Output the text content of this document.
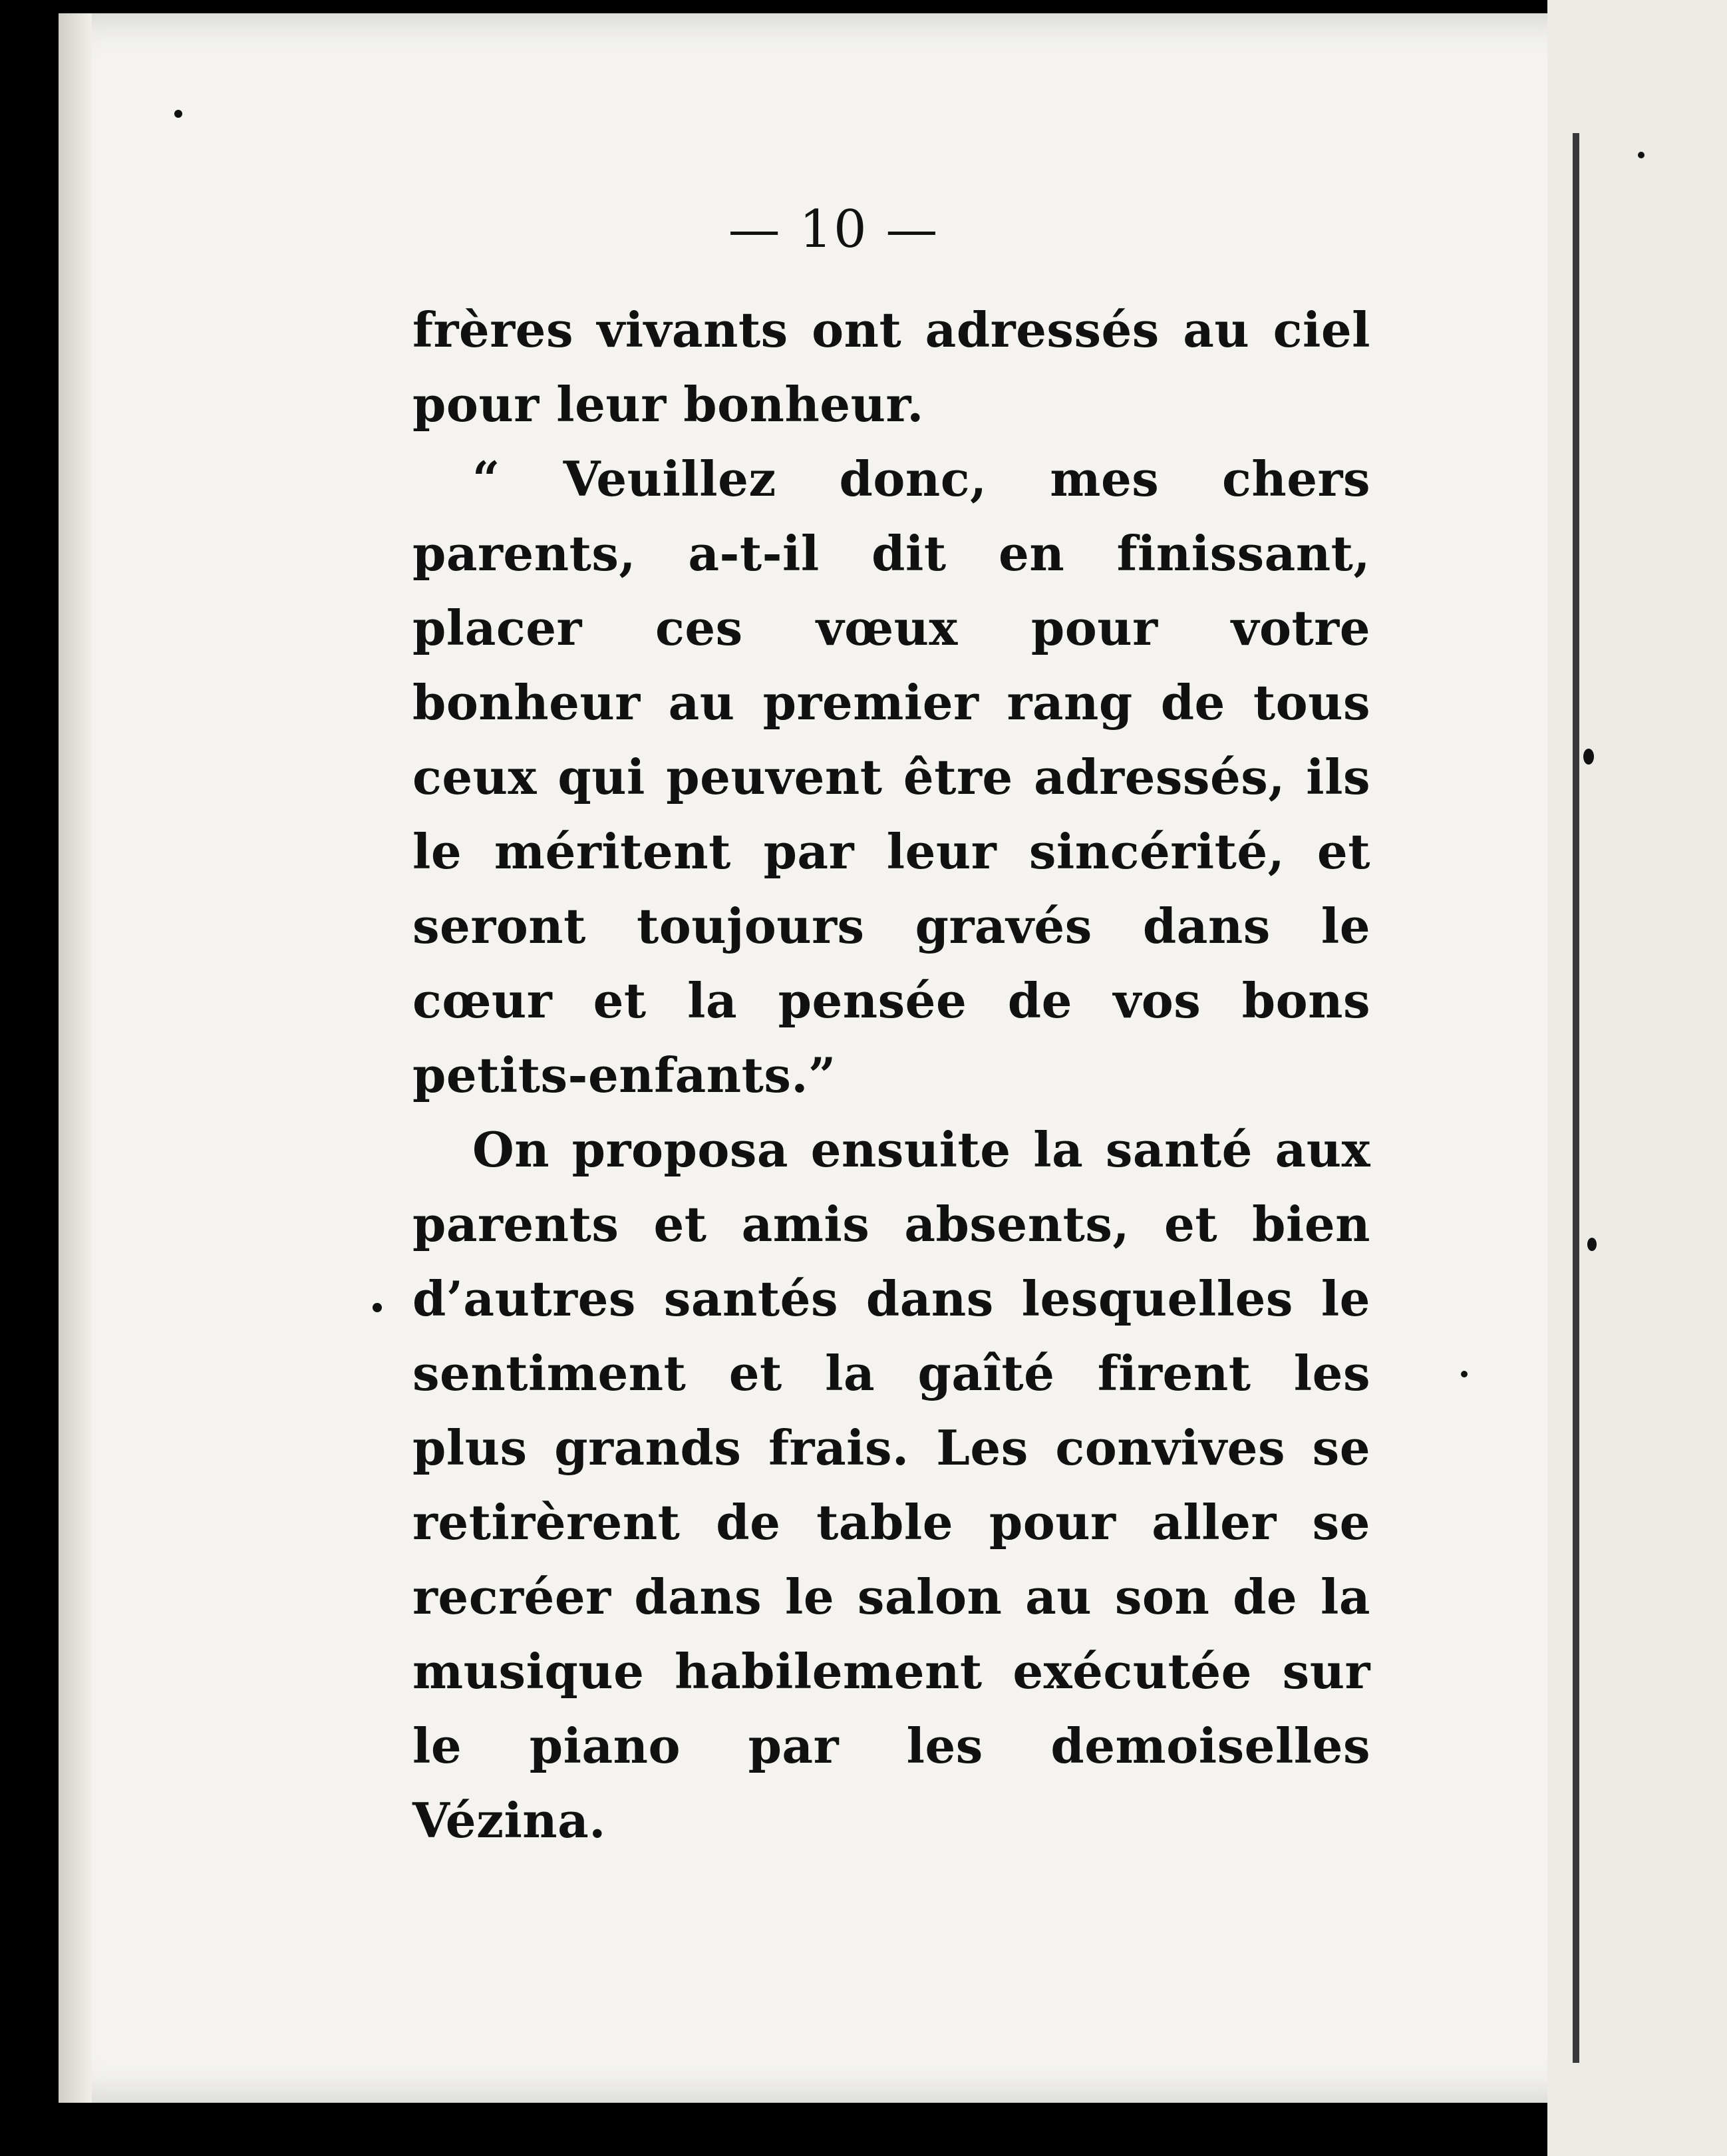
— 10 —

frères vivants ont adressés au ciel pour leur bonheur.

“ Veuillez donc, mes chers parents, a-t-il dit en finissant, placer ces vœux pour votre bonheur au premier rang de tous ceux qui peuvent être adressés, ils le méritent par leur sincérité, et seront toujours gravés dans le cœur et la pensée de vos bons petits-enfants.”

On proposa ensuite la santé aux parents et amis absents, et bien d’autres santés dans lesquelles le sentiment et la gaîté firent les plus grands frais. Les convives se retirèrent de table pour aller se recréer dans le salon au son de la musique habilement exécutée sur le piano par les demoiselles Vézina.
